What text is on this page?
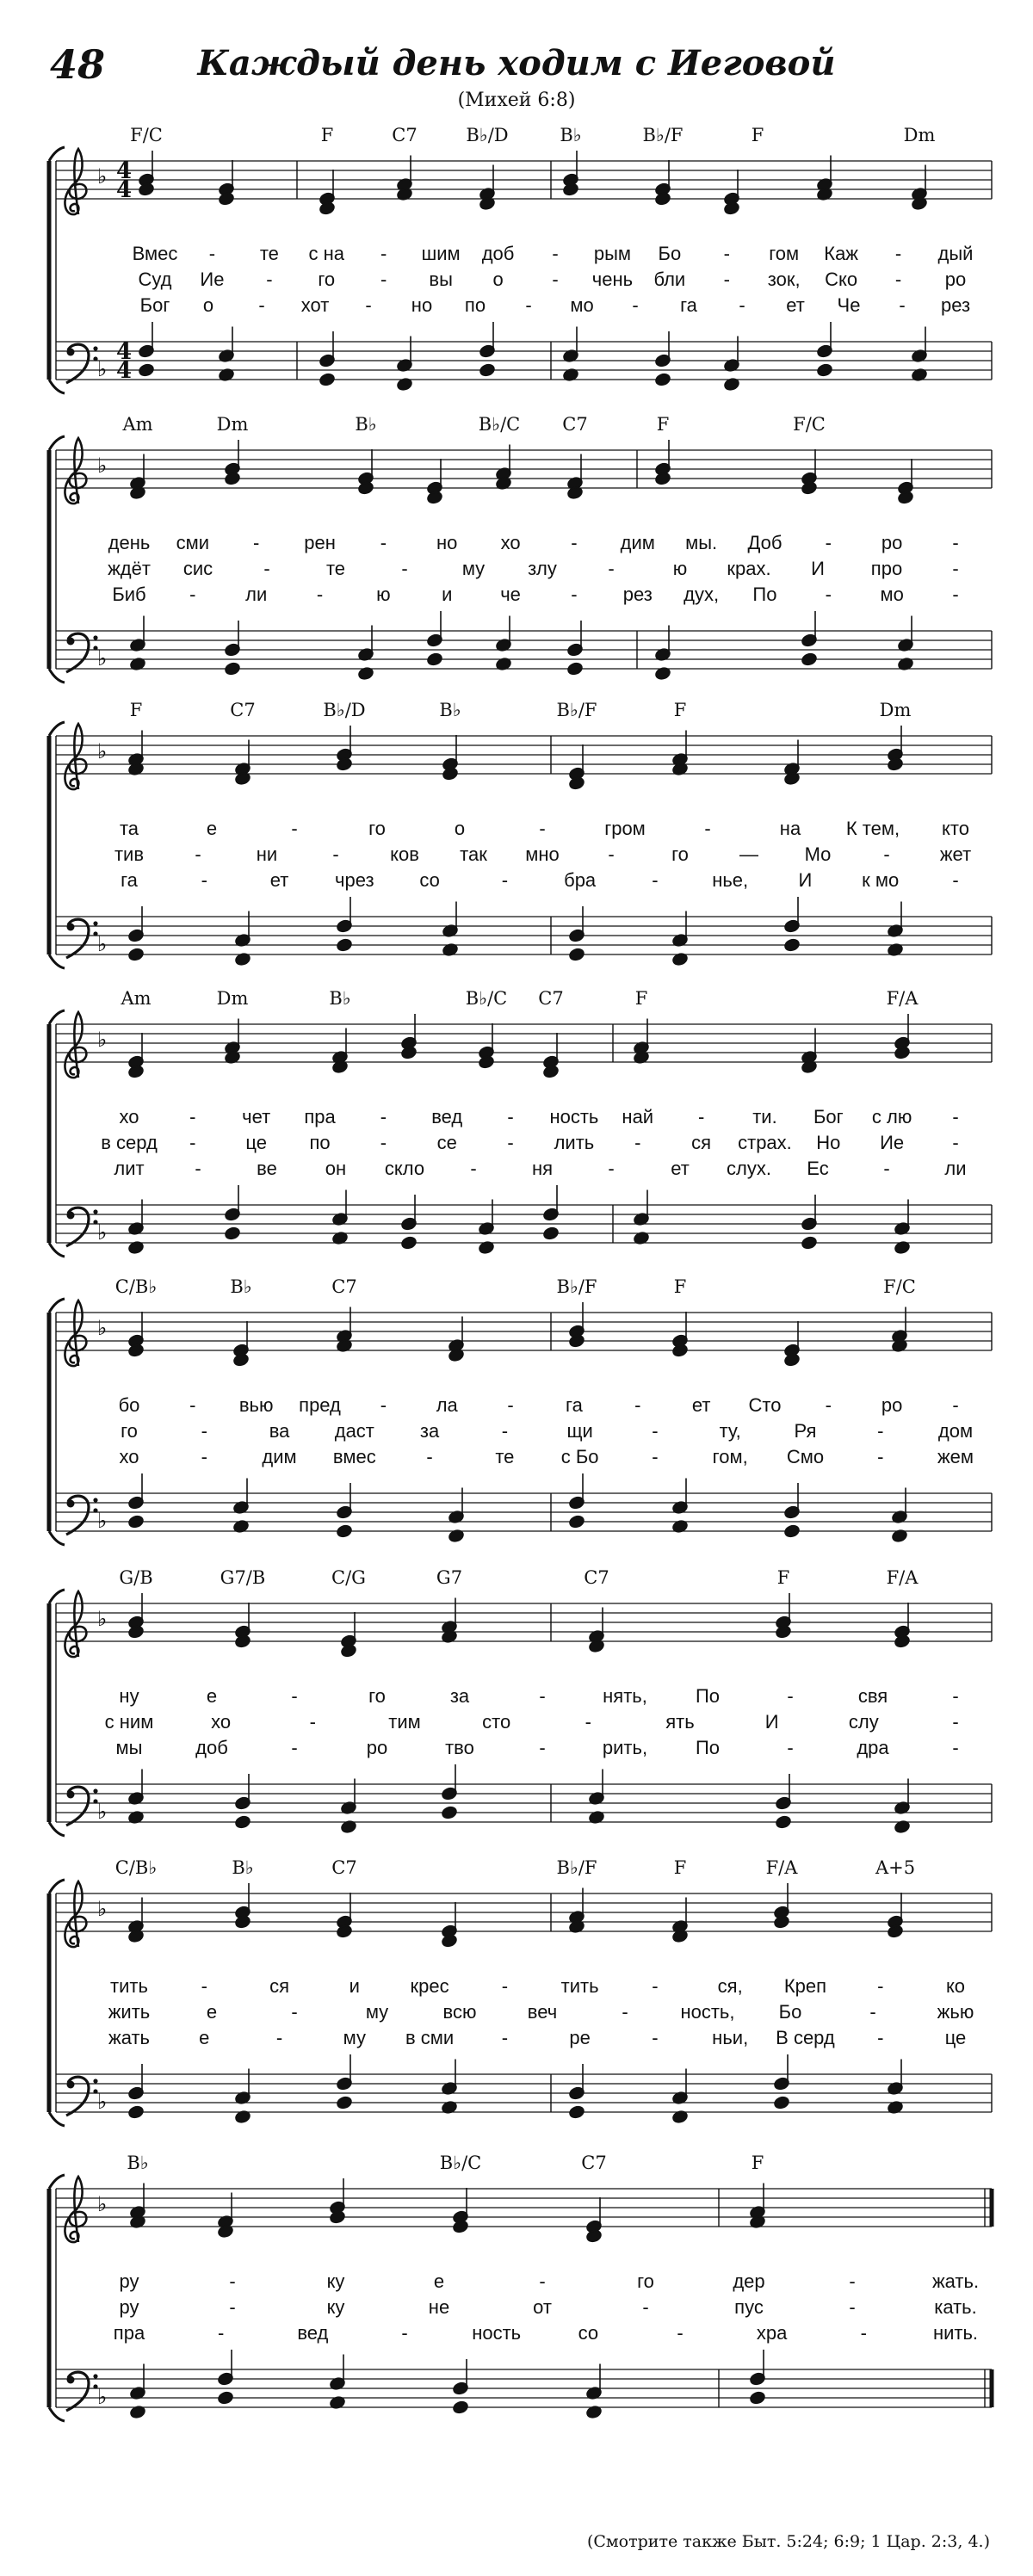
48	Каждый день ходим с Иеговой
(Михей 6:8)
F/C	F	C7	B♭/D	B♭	B♭/F	F	Dm
♭
♭
4
4
4
4
Вмес - те с на - шим доб - рым Бо - гом Каж - дый
Суд Ие - го - вы о	- чень бли - зок, Ско - ро
Бог о - хот - но по - мо - га - ет Че - рез
Am	Dm	B♭	B♭/C C7	F	F/C
♭
♭
день сми - рен -	но хо	- дим мы. Доб -	ро	-
ждёт сис	-	те	-	му злу	-	ю крах. И про	-
Биб -	ли	-	ю	и	че	- рез дух, По	-	мо	-
F	C7	B♭/D	B♭	B♭/F	F	Dm
♭
♭
та	е	-	го	о	-	гром	-	на К тем, кто
тив	-	ни	-	ков так мно	-	го	— Мо	-	жет
га	-	ет чрез со	-	бра	-	нье,	И	к мо	-
Am	Dm	B♭	B♭/C C7	F	F/A
♭
♭
хо	- чет пра - вед - ность най -	ти. Бог с лю -
в серд -	це по	-	се	- лить -	ся страх. Но Ие	-
лит	-	ве	он скло -	ня	-	ет слух. Ес	-	ли
C/B♭	B♭	C7	B♭/F	F	F/C
♭
♭
бо	- вью пред -	ла	-	га	-	ет Сто -	ро	-
го	-	ва даст за	-	щи	-	ту,	Ря	-	дом
хо	-	дим вмес	-	те с Бо	-	гом, Смо	-	жем
G/B	G7/B	C/G	G7	C7	F	F/A
♭
♭
ну	е	-	го	за	-	нять,	По	-	свя	-
с ним	хо	-	тим	сто	-	ять	И	слу	-
мы	доб	-	ро	тво	-	рить,	По	-	дра	-
C/B♭	B♭	C7	B♭/F	F	F/A	A+5
♭
♭
тить	-	ся	и	крес	-	тить	-	ся, Креп	-	ко
жить	е	-	му	всю	веч	-	ность, Бо	-	жью
жать	е	-	му в сми	-	ре	-	ньи, В серд -	це
B♭	B♭/C	C7	F
♭
♭
ру	-	ку	е	-	го	дер	-	жать.
ру	-	ку	не	от	-	пус	-	кать.
пра	-	вед	-	ность	со	-	хра	-	нить.
(Смотрите также Быт. 5:24; 6:9; 1 Цар. 2:3, 4.)
